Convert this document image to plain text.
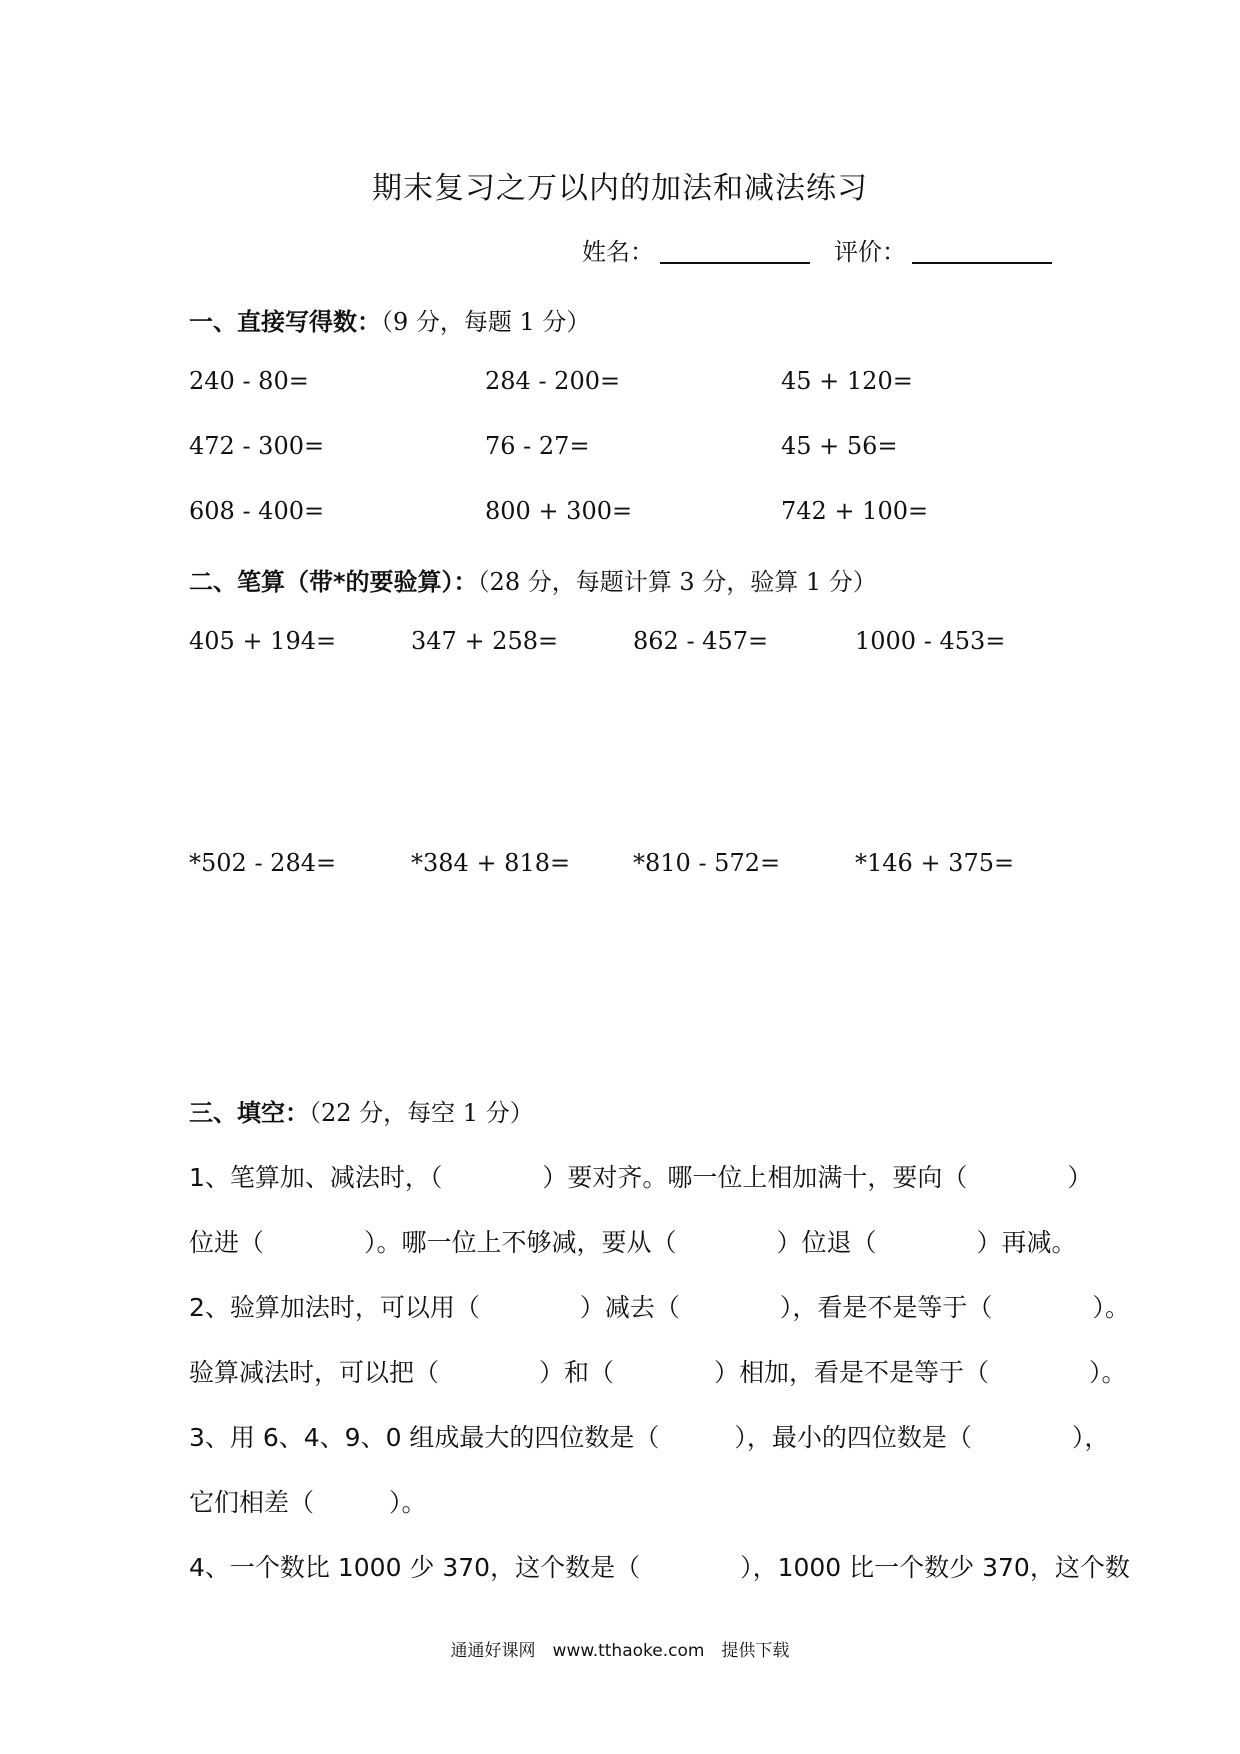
期末复习之万以内的加法和减法练习
姓名：	评价：
一、直接写得数：（9 分，每题 1 分）
240 - 80=	284 - 200=	45 + 120=
472 - 300=	76 - 27=	45 + 56=
608 - 400=	800 + 300=	742 + 100=
二、笔算（带*的要验算）：（28 分，每题计算 3 分，验算 1 分）
405 + 194=	347 + 258=	862 - 457=	1000 - 453=
*502 - 284=	*384 + 818=	*810 - 572=	*146 + 375=
三、填空：（22 分，每空 1 分）
1、笔算加、减法时，（　　　　）要对齐。哪一位上相加满十，要向（　　　　）
位进（　　　　）。哪一位上不够减，要从（　　　　）位退（　　　　）再减。
2、验算加法时，可以用（　　　　）减去（　　　　），看是不是等于（　　　　）。
验算减法时，可以把（　　　　）和（　　　　）相加，看是不是等于（　　　　）。
3、用 6、4、9、0 组成最大的四位数是（　　　），最小的四位数是（　　　　），
它们相差（　　　）。
4、一个数比 1000 少 370，这个数是（　　　　），1000 比一个数少 370，这个数
通通好课网　www.tthaoke.com　提供下载
